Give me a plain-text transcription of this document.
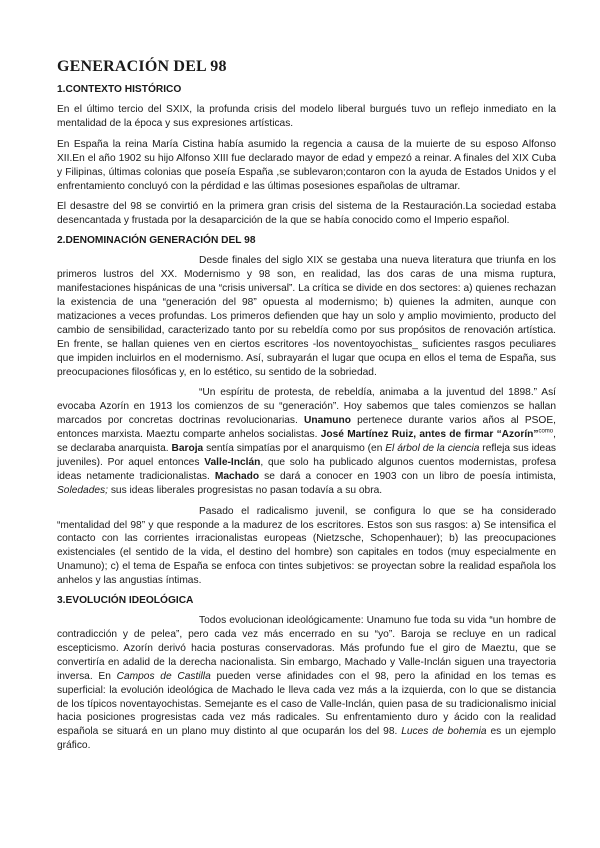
GENERACIÓN DEL 98
1.CONTEXTO HISTÓRICO

En el último tercio del SXIX, la profunda crisis del modelo liberal burgués tuvo un reflejo inmediato en la mentalidad de la época y sus expresiones artísticas.

En España la reina María Cistina había asumido la regencia a causa de la muierte de su esposo Alfonso XII.En el año 1902 su hijo Alfonso XIII fue declarado mayor de edad y empezó a reinar. A finales del XIX Cuba y Filipinas, últimas colonias que poseía España ,se sublevaron;contaron con la ayuda de Estados Unidos y el enfrentamiento concluyó con la pérdidad e las últimas posesiones españolas de ultramar.

El desastre del 98 se convirtió en la primera gran crisis del sistema de la Restauración.La sociedad estaba desencantada y frustada por la desaparcición de la que se había conocido como el Imperio español.

2.DENOMINACIÓN GENERACIÓN DEL 98

Desde finales del siglo XIX se gestaba una nueva literatura que triunfa en los primeros lustros del XX. Modernismo y 98 son, en realidad, las dos caras de una misma ruptura, manifestaciones hispánicas de una “crisis universal”. La crítica se divide en dos sectores: a) quienes rechazan la existencia de una “generación del 98” opuesta al modernismo; b) quienes la admiten, aunque con matizaciones a veces profundas. Los primeros defienden que hay un solo y amplio movimiento, producto del cambio de sensibilidad, caracterizado tanto por su rebeldía como por sus propósitos de renovación artística. En frente, se hallan quienes ven en ciertos escritores -los noventoyochistas_ suficientes rasgos peculiares que impiden incluirlos en el modernismo. Así, subrayarán el lugar que ocupa en ellos el tema de España, sus preocupaciones filosóficas y, en lo estético, su sentido de la sobriedad.

“Un espíritu de protesta, de rebeldía, animaba a la juventud del 1898.” Así evocaba Azorín en 1913 los comienzos de su “generación”. Hoy sabemos que tales comienzos se hallan marcados por concretas doctrinas revolucionarias. Unamuno pertenece durante varios años al PSOE, entonces marxista. Maeztu comparte anhelos socialistas. José Martínez Ruiz, antes de firmar “Azorín”$^{como}$, se declaraba anarquista. Baroja sentía simpatías por el anarquismo (en El árbol de la ciencia refleja sus ideas juveniles). Por aquel entonces Valle-Inclán, que solo ha publicado algunos cuentos modernistas, profesa ideas netamente tradicionalistas. Machado se dará a conocer en 1903 con un libro de poesía intimista, Soledades; sus ideas liberales progresistas no pasan todavía a su obra.

Pasado el radicalismo juvenil, se configura lo que se ha considerado “mentalidad del 98” y que responde a la madurez de los escritores. Estos son sus rasgos: a) Se intensifica el contacto con las corrientes irracionalistas europeas (Nietzsche, Schopenhauer); b) las preocupaciones existenciales (el sentido de la vida, el destino del hombre) son capitales en todos (muy especialmente en Unamuno); c) el tema de España se enfoca con tintes subjetivos: se proyectan sobre la realidad española los anhelos y las angustias íntimas.

3.EVOLUCIÓN IDEOLÓGICA

Todos evolucionan ideológicamente: Unamuno fue toda su vida “un hombre de contradicción y de pelea”, pero cada vez más encerrado en su “yo”. Baroja se recluye en un radical escepticismo. Azorín derivó hacia posturas conservadoras. Más profundo fue el giro de Maeztu, que se convertiría en adalid de la derecha nacionalista. Sin embargo, Machado y Valle-Inclán siguen una trayectoria inversa. En Campos de Castilla pueden verse afinidades con el 98, pero la afinidad en los temas es superficial: la evolución ideológica de Machado le lleva cada vez más a la izquierda, con lo que se distancia de los típicos noventayochistas. Semejante es el caso de Valle-Inclán, quien pasa de su tradicionalismo inicial hacia posiciones progresistas cada vez más radicales. Su enfrentamiento duro y ácido con la realidad española se situará en un plano muy distinto al que ocuparán los del 98. Luces de bohemia es un ejemplo gráfico.
